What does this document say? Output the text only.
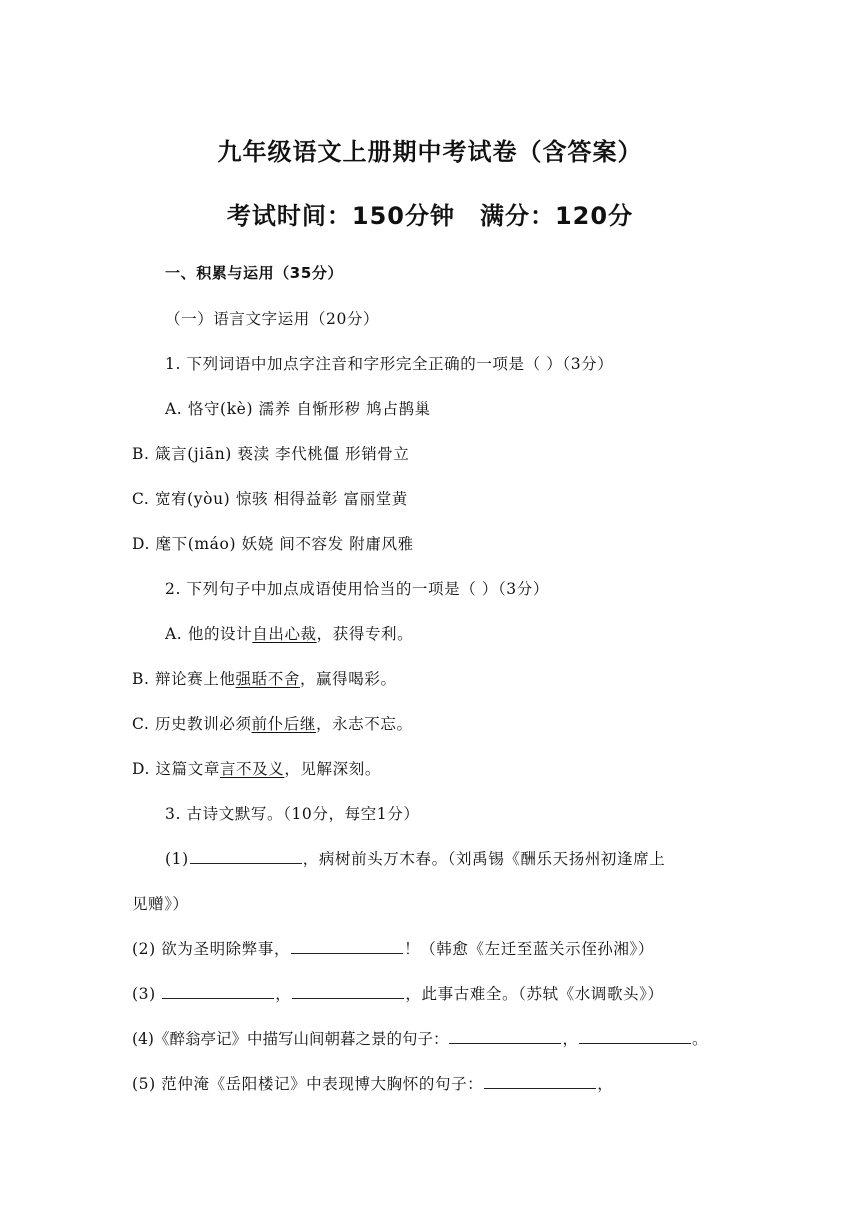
九年级语文上册期中考试卷（含答案）
考试时间：150分钟　满分：120分
一、积累与运用（35分）
（一）语言文字运用（20分）
1. 下列词语中加点字注音和字形完全正确的一项是（ ）（3分）
A. 恪守(kè) 濡养 自惭形秽 鸠占鹊巢
B. 箴言(jiān) 亵渎 李代桃僵 形销骨立
C. 宽宥(yòu) 惊骇 相得益彰 富丽堂黄
D. 麾下(máo) 妖娆 间不容发 附庸风雅
2. 下列句子中加点成语使用恰当的一项是（ ）（3分）
A. 他的设计自出心裁，获得专利。
B. 辩论赛上他强聒不舍，赢得喝彩。
C. 历史教训必须前仆后继，永志不忘。
D. 这篇文章言不及义，见解深刻。
3. 古诗文默写。（10分，每空1分）
(1)	，病树前头万木春。（刘禹锡《酬乐天扬州初逢席上
见赠》）
(2) 欲为圣明除弊事，	！（韩愈《左迁至蓝关示侄孙湘》）
(3)	，	，此事古难全。（苏轼《水调歌头》）
(4)《醉翁亭记》中描写山间朝暮之景的句子：	，	。
(5) 范仲淹《岳阳楼记》中表现博大胸怀的句子：	，
